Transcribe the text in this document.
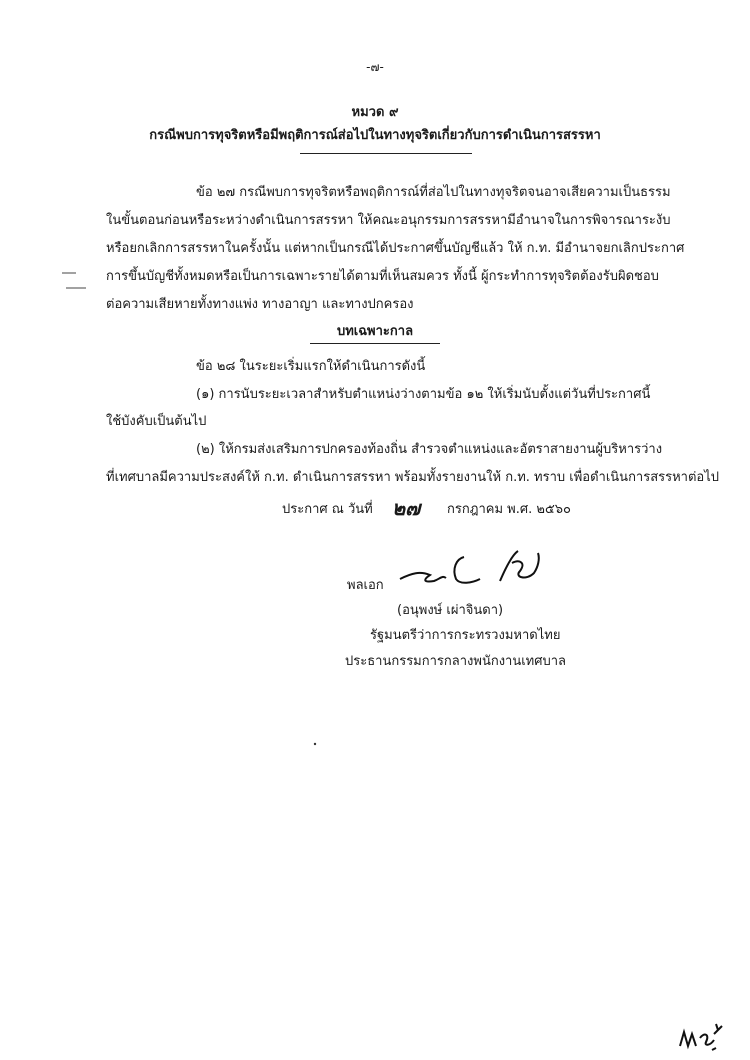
-๗-
หมวด ๙
กรณีพบการทุจริตหรือมีพฤติการณ์ส่อไปในทางทุจริตเกี่ยวกับการดำเนินการสรรหา
ข้อ ๒๗ กรณีพบการทุจริตหรือพฤติการณ์ที่ส่อไปในทางทุจริตจนอาจเสียความเป็นธรรม
ในขั้นตอนก่อนหรือระหว่างดำเนินการสรรหา ให้คณะอนุกรรมการสรรหามีอำนาจในการพิจารณาระงับ
หรือยกเลิกการสรรหาในครั้งนั้น แต่หากเป็นกรณีได้ประกาศขึ้นบัญชีแล้ว ให้ ก.ท. มีอำนาจยกเลิกประกาศ
การขึ้นบัญชีทั้งหมดหรือเป็นการเฉพาะรายได้ตามที่เห็นสมควร ทั้งนี้ ผู้กระทำการทุจริตต้องรับผิดชอบ
ต่อความเสียหายทั้งทางแพ่ง ทางอาญา และทางปกครอง
บทเฉพาะกาล
ข้อ ๒๘ ในระยะเริ่มแรกให้ดำเนินการดังนี้
(๑) การนับระยะเวลาสำหรับตำแหน่งว่างตามข้อ ๑๒ ให้เริ่มนับตั้งแต่วันที่ประกาศนี้
ใช้บังคับเป็นต้นไป
(๒) ให้กรมส่งเสริมการปกครองท้องถิ่น สำรวจตำแหน่งและอัตราสายงานผู้บริหารว่าง
ที่เทศบาลมีความประสงค์ให้ ก.ท. ดำเนินการสรรหา พร้อมทั้งรายงานให้ ก.ท. ทราบ เพื่อดำเนินการสรรหาต่อไป
ประกาศ ณ วันที่ ๒๗ กรกฎาคม พ.ศ. ๒๕๖๐
พลเอก
(อนุพงษ์ เผ่าจินดา)
รัฐมนตรีว่าการกระทรวงมหาดไทย
ประธานกรรมการกลางพนักงานเทศบาล
